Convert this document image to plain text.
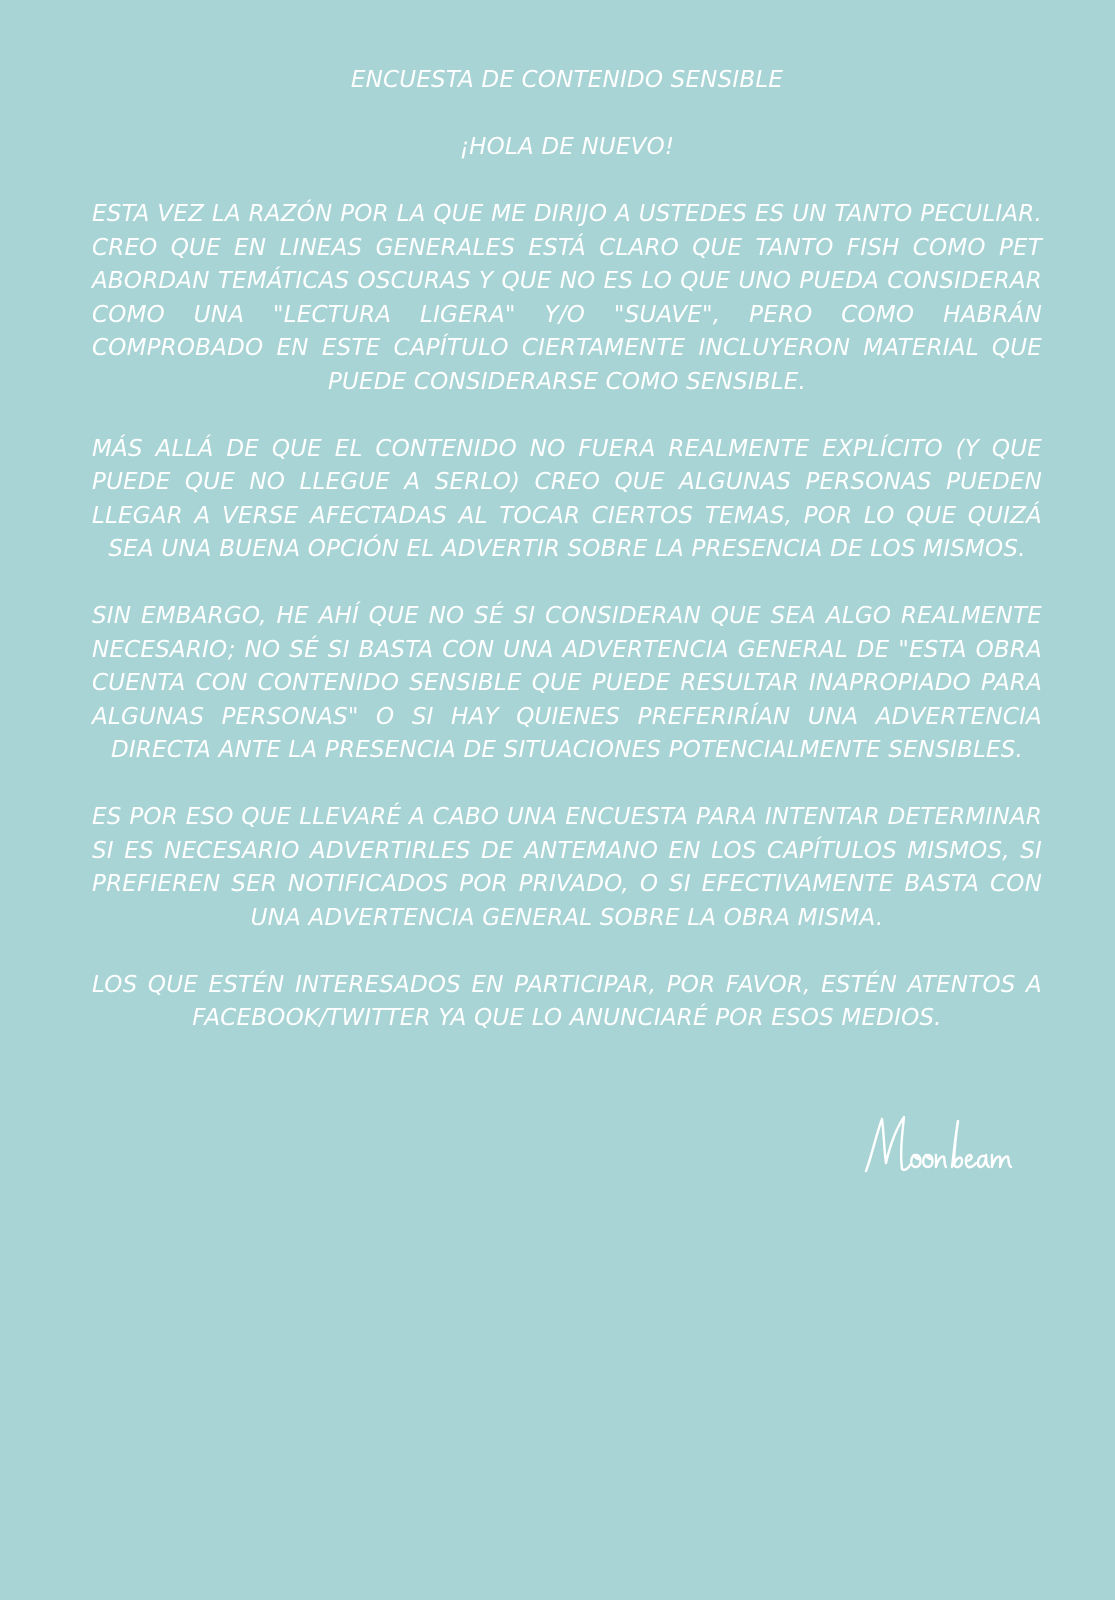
ENCUESTA DE CONTENIDO SENSIBLE
¡HOLA DE NUEVO!
ESTA VEZ LA RAZÓN POR LA QUE ME DIRIJO A USTEDES ES UN TANTO PECULIAR. CREO QUE EN LINEAS GENERALES ESTÁ CLARO QUE TANTO FISH COMO PET ABORDAN TEMÁTICAS OSCURAS Y QUE NO ES LO QUE UNO PUEDA CONSIDERAR COMO UNA "LECTURA LIGERA" Y/O "SUAVE", PERO COMO HABRÁN COMPROBADO EN ESTE CAPÍTULO CIERTAMENTE INCLUYERON MATERIAL QUE PUEDE CONSIDERARSE COMO SENSIBLE.
MÁS ALLÁ DE QUE EL CONTENIDO NO FUERA REALMENTE EXPLÍCITO (Y QUE PUEDE QUE NO LLEGUE A SERLO) CREO QUE ALGUNAS PERSONAS PUEDEN LLEGAR A VERSE AFECTADAS AL TOCAR CIERTOS TEMAS, POR LO QUE QUIZÁ SEA UNA BUENA OPCIÓN EL ADVERTIR SOBRE LA PRESENCIA DE LOS MISMOS.
SIN EMBARGO, HE AHÍ QUE NO SÉ SI CONSIDERAN QUE SEA ALGO REALMENTE NECESARIO; NO SÉ SI BASTA CON UNA ADVERTENCIA GENERAL DE "ESTA OBRA CUENTA CON CONTENIDO SENSIBLE QUE PUEDE RESULTAR INAPROPIADO PARA ALGUNAS PERSONAS" O SI HAY QUIENES PREFERIRÍAN UNA ADVERTENCIA DIRECTA ANTE LA PRESENCIA DE SITUACIONES POTENCIALMENTE SENSIBLES.
ES POR ESO QUE LLEVARÉ A CABO UNA ENCUESTA PARA INTENTAR DETERMINAR SI ES NECESARIO ADVERTIRLES DE ANTEMANO EN LOS CAPÍTULOS MISMOS, SI PREFIEREN SER NOTIFICADOS POR PRIVADO, O SI EFECTIVAMENTE BASTA CON UNA ADVERTENCIA GENERAL SOBRE LA OBRA MISMA.
LOS QUE ESTÉN INTERESADOS EN PARTICIPAR, POR FAVOR, ESTÉN ATENTOS A FACEBOOK/TWITTER YA QUE LO ANUNCIARÉ POR ESOS MEDIOS.
